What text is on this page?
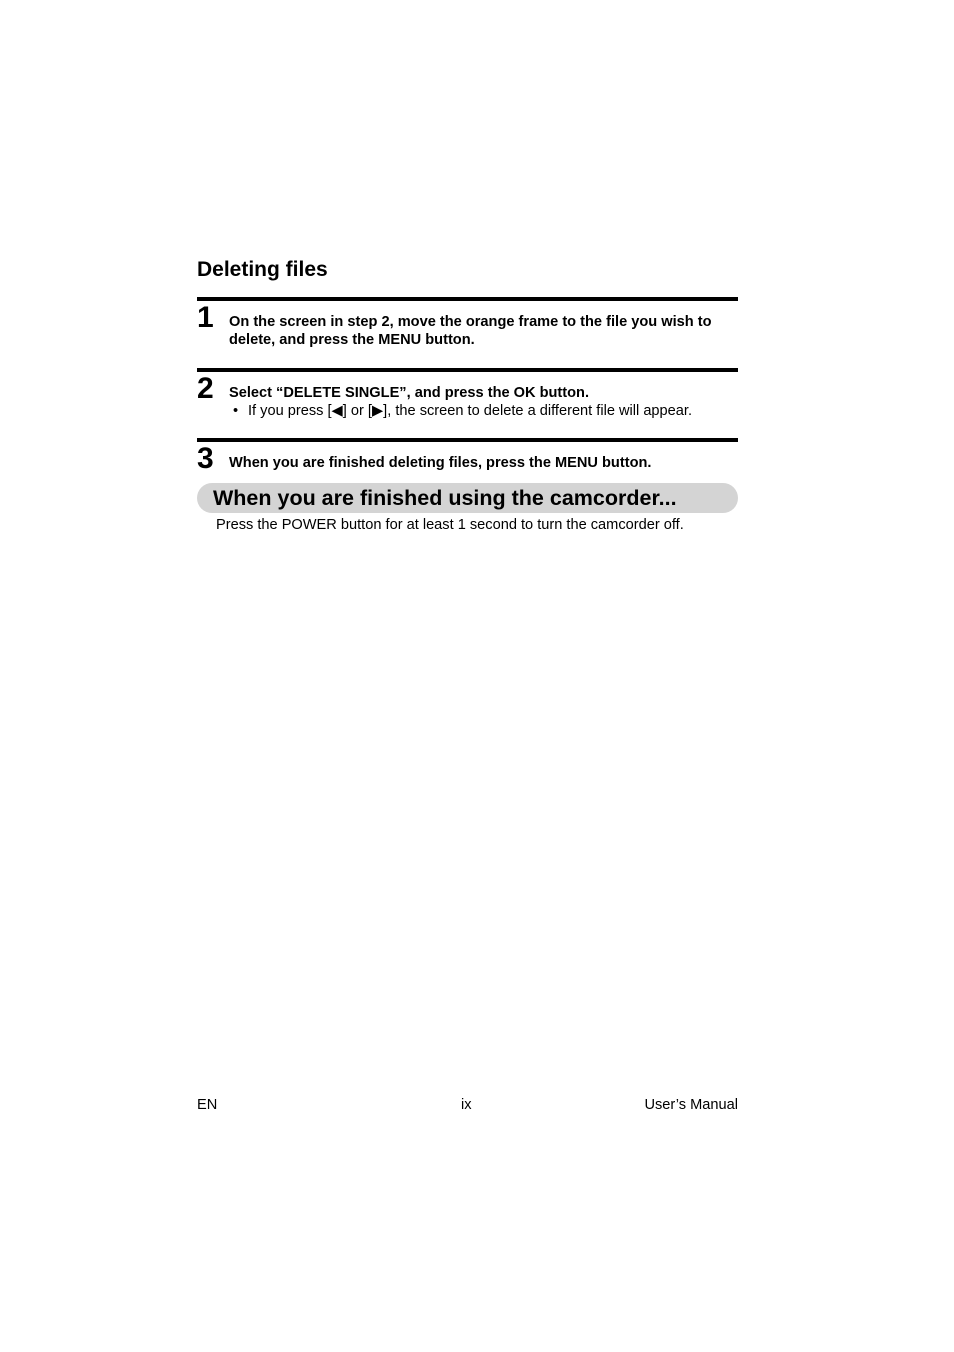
Deleting files
1 On the screen in step 2, move the orange frame to the file you wish to delete, and press the MENU button.
2 Select “DELETE SINGLE”, and press the OK button.
• If you press [◀] or [▶], the screen to delete a different file will appear.
3 When you are finished deleting files, press the MENU button.
When you are finished using the camcorder...
Press the POWER button for at least 1 second to turn the camcorder off.
EN	ix	User’s Manual
